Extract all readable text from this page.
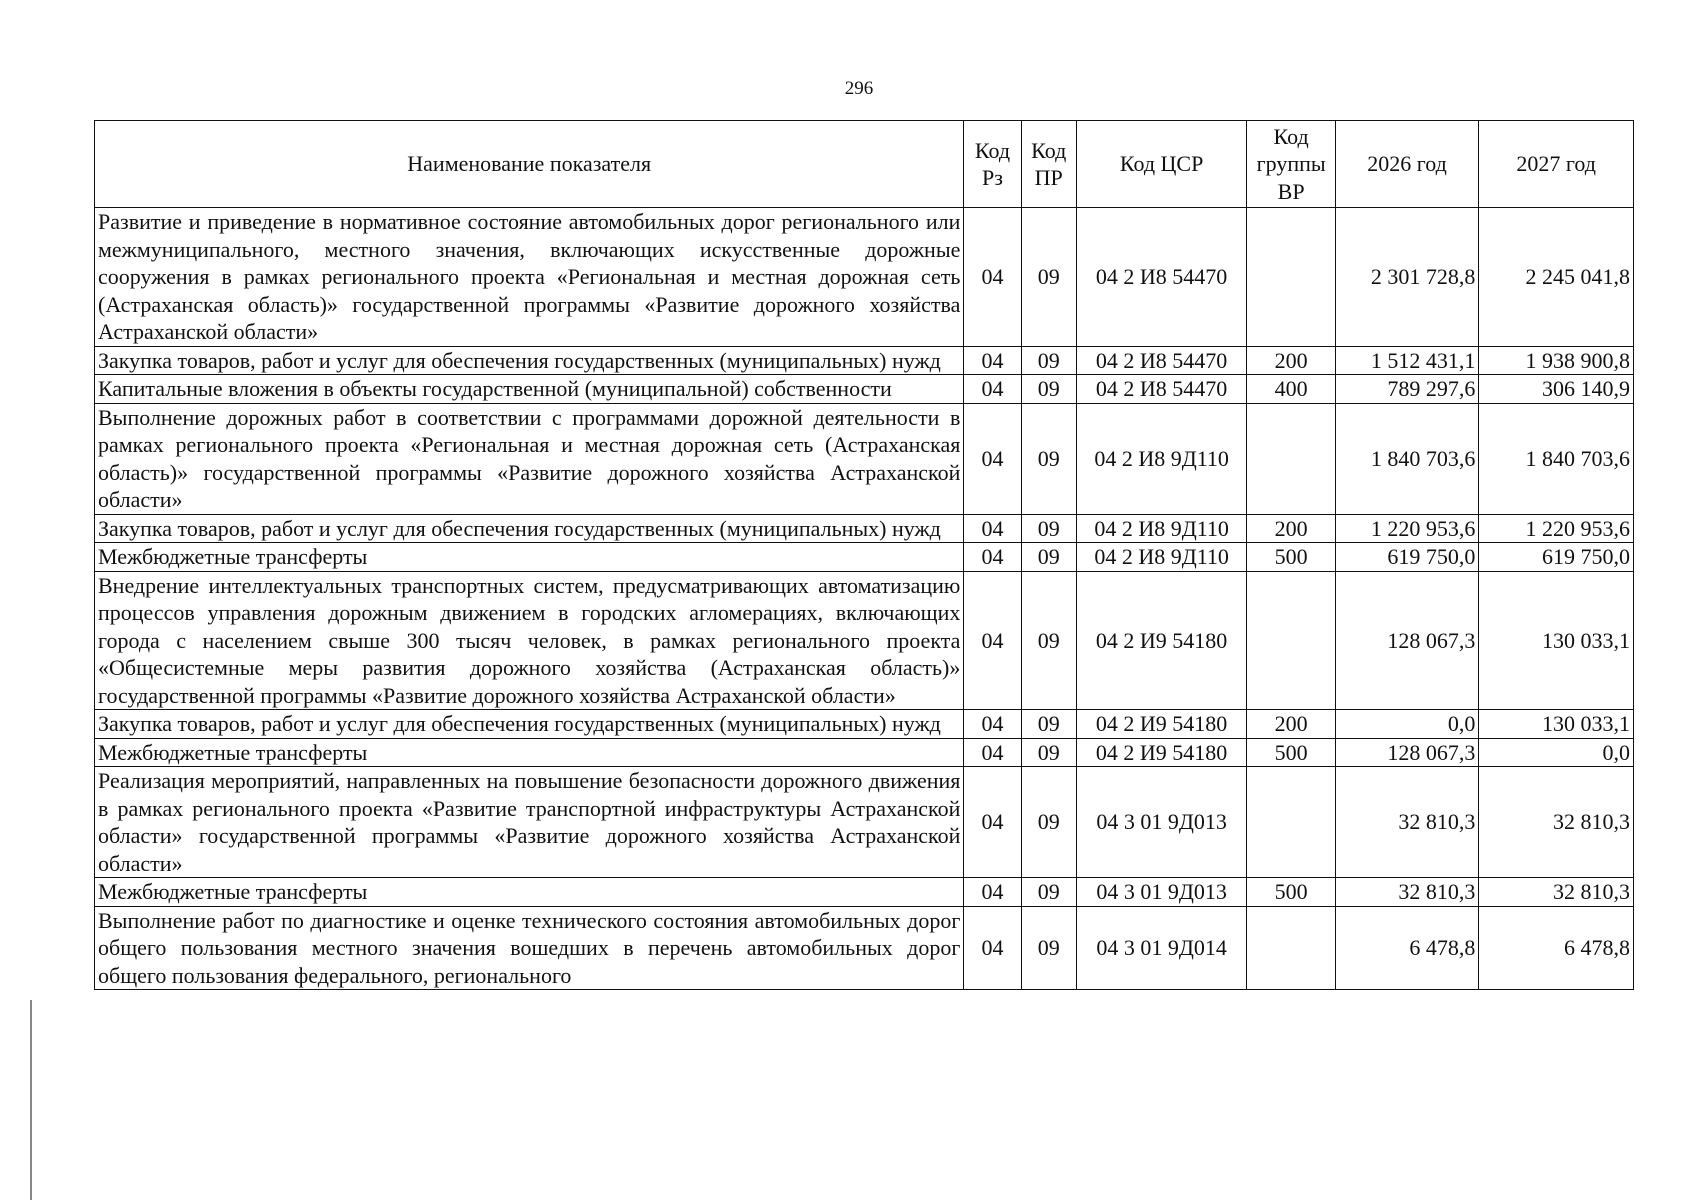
296
Наименование показателя	Код Рз	Код ПР	Код ЦСР	Код группы ВР	2026 год	2027 год
Развитие и приведение в нормативное состояние автомобильных дорог регионального или межмуниципального, местного значения, включающих искусственные дорожные сооружения в рамках регионального проекта «Региональная и местная дорожная сеть (Астраханская область)» государственной программы «Развитие дорожного хозяйства Астраханской области»	04	09	04 2 И8 54470		2 301 728,8	2 245 041,8
Закупка товаров, работ и услуг для обеспечения государственных (муниципальных) нужд	04	09	04 2 И8 54470	200	1 512 431,1	1 938 900,8
Капитальные вложения в объекты государственной (муниципальной) собственности	04	09	04 2 И8 54470	400	789 297,6	306 140,9
Выполнение дорожных работ в соответствии с программами дорожной деятельности в рамках регионального проекта «Региональная и местная дорожная сеть (Астраханская область)» государственной программы «Развитие дорожного хозяйства Астраханской области»	04	09	04 2 И8 9Д110		1 840 703,6	1 840 703,6
Закупка товаров, работ и услуг для обеспечения государственных (муниципальных) нужд	04	09	04 2 И8 9Д110	200	1 220 953,6	1 220 953,6
Межбюджетные трансферты	04	09	04 2 И8 9Д110	500	619 750,0	619 750,0
Внедрение интеллектуальных транспортных систем, предусматривающих автоматизацию процессов управления дорожным движением в городских агломерациях, включающих города с населением свыше 300 тысяч человек, в рамках регионального проекта «Общесистемные меры развития дорожного хозяйства (Астраханская область)» государственной программы «Развитие дорожного хозяйства Астраханской области»	04	09	04 2 И9 54180		128 067,3	130 033,1
Закупка товаров, работ и услуг для обеспечения государственных (муниципальных) нужд	04	09	04 2 И9 54180	200	0,0	130 033,1
Межбюджетные трансферты	04	09	04 2 И9 54180	500	128 067,3	0,0
Реализация мероприятий, направленных на повышение безопасности дорожного движения в рамках регионального проекта «Развитие транспортной инфраструктуры Астраханской области» государственной программы «Развитие дорожного хозяйства Астраханской области»	04	09	04 3 01 9Д013		32 810,3	32 810,3
Межбюджетные трансферты	04	09	04 3 01 9Д013	500	32 810,3	32 810,3
Выполнение работ по диагностике и оценке технического состояния автомобильных дорог общего пользования местного значения вошедших в перечень автомобильных дорог общего пользования федерального, регионального	04	09	04 3 01 9Д014		6 478,8	6 478,8
